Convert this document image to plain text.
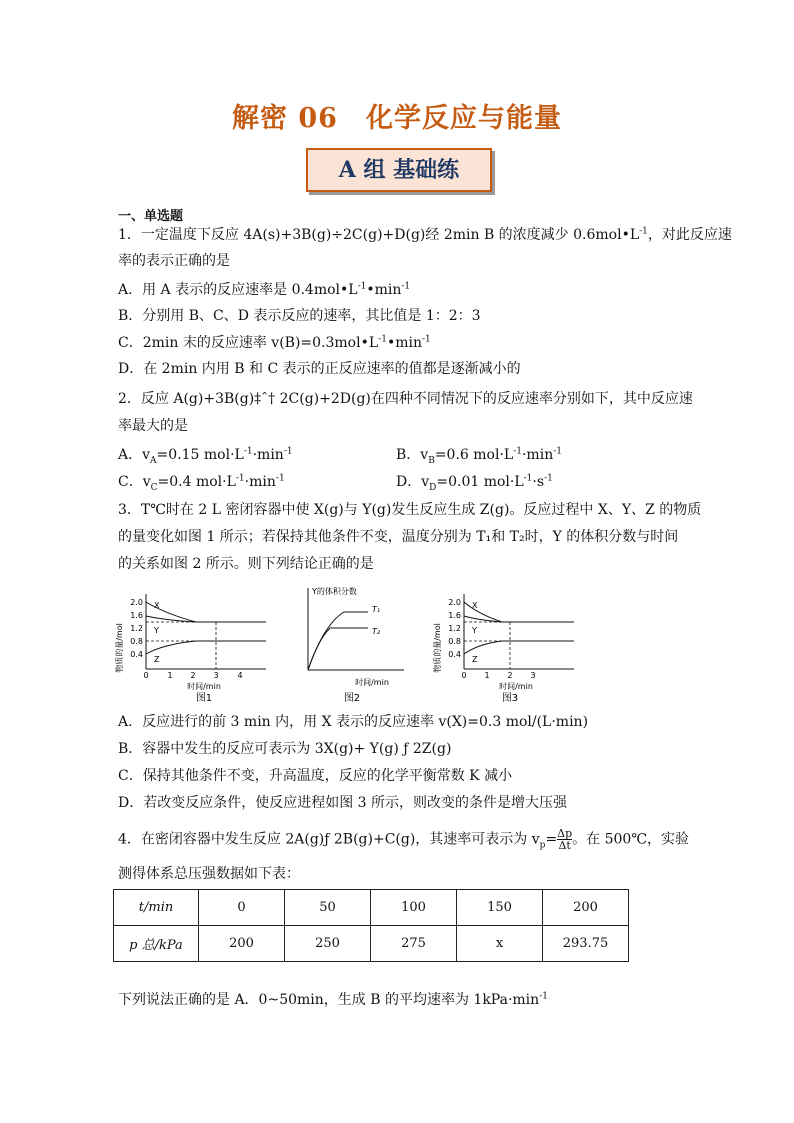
解密 06　化学反应与能量
A 组 基础练
一、单选题
1．一定温度下反应 4A(s)+3B(g)÷2C(g)+D(g)经 2min B 的浓度减少 $0.6mol•L^{-1}$，对此反应速
率的表示正确的是
A．用 A 表示的反应速率是 $0.4mol•L^{-1}•\min^{-1}$
B．分别用 B、C、D 表示反应的速率，其比值是 1：2：3
C．2min 末的反应速率 $v(B)=0.3mol•L^{-1}•\min^{-1}$
D．在 2min 内用 B 和 C 表示的正反应速率的值都是逐渐减小的
2．反应 A(g)+3B(g)‡ˆ† 2C(g)+2D(g)在四种不同情况下的反应速率分别如下，其中反应速
率最大的是
A．$v_A=0.15$ $mol\cdot L^{-1}\cdot\min^{-1}$	B．$v_B=0.6$ $mol\cdot L^{-1}\cdot\min^{-1}$
C．$v_C=0.4$ $mol\cdot L^{-1}\cdot\min^{-1}$	D．$v_D=0.01$ $mol\cdot L^{-1}\cdot s^{-1}$
3．T℃时在 2 L 密闭容器中使 X(g)与 Y(g)发生反应生成 Z(g)。反应过程中 X、Y、Z 的物质
的量变化如图 1 所示；若保持其他条件不变，温度分别为 T₁和 T₂时，Y 的体积分数与时间
的关系如图 2 所示。则下列结论正确的是
物质的量/mol
2.0
1.6
1.2
0.8
0.4
X
Y
Z
0 1 2 3 4
时间/min
图1
Y的体积分数
T₁
T₂
时间/min
图2
物质的量/mol
2.0
1.6
1.2
0.8
0.4
X
Y
Z
0 1 2 3
时间/min
图3
A．反应进行的前 3 min 内，用 X 表示的反应速率 v(X)=0.3 mol/(L·min)
B．容器中发生的反应可表示为 3X(g)+ Y(g) ƒ 2Z(g)
C．保持其他条件不变，升高温度，反应的化学平衡常数 K 减小
D．若改变反应条件，使反应进程如图 3 所示，则改变的条件是增大压强
4．在密闭容器中发生反应 2A(g)ƒ 2B(g)+C(g)，其速率可表示为 $v_p= \frac{\Delta p}{\Delta t}$ 。在 500℃，实验
测得体系总压强数据如下表：
t/min	0	50	100	150	200
p 总/kPa	200	250	275	x	293.75
下列说法正确的是 A．0~50min，生成 B 的平均速率为 $1kPa\cdot\min^{-1}$
